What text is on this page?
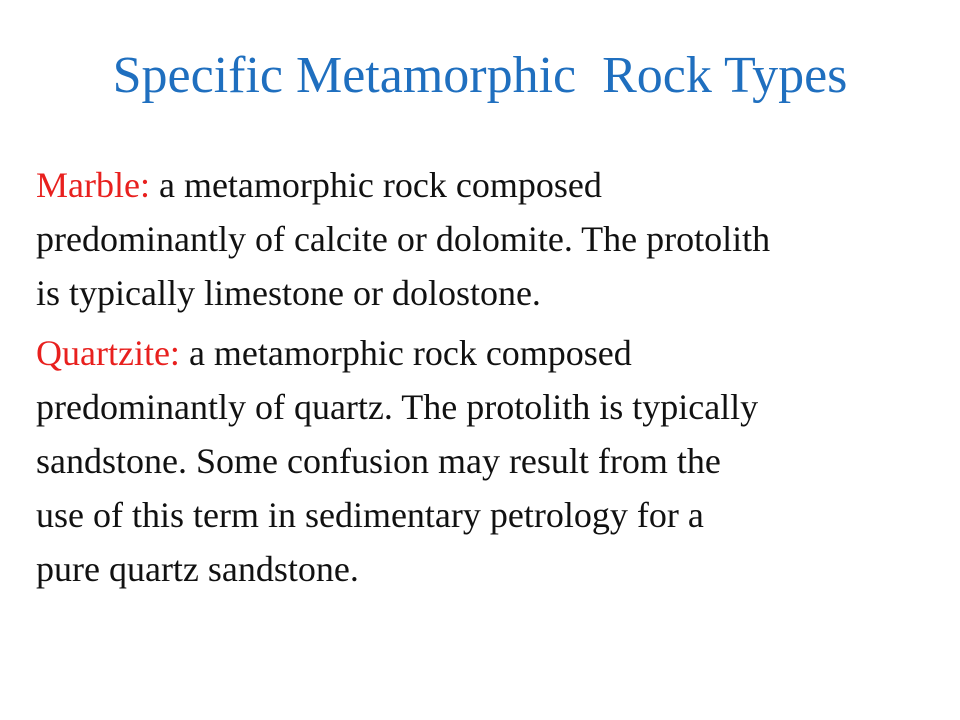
Specific Metamorphic  Rock Types
Marble: a metamorphic rock composed
predominantly of calcite or dolomite. The protolith
is typically limestone or dolostone.
Quartzite: a metamorphic rock composed
predominantly of quartz. The protolith is typically
sandstone. Some confusion may result from the
use of this term in sedimentary petrology for a
pure quartz sandstone.
